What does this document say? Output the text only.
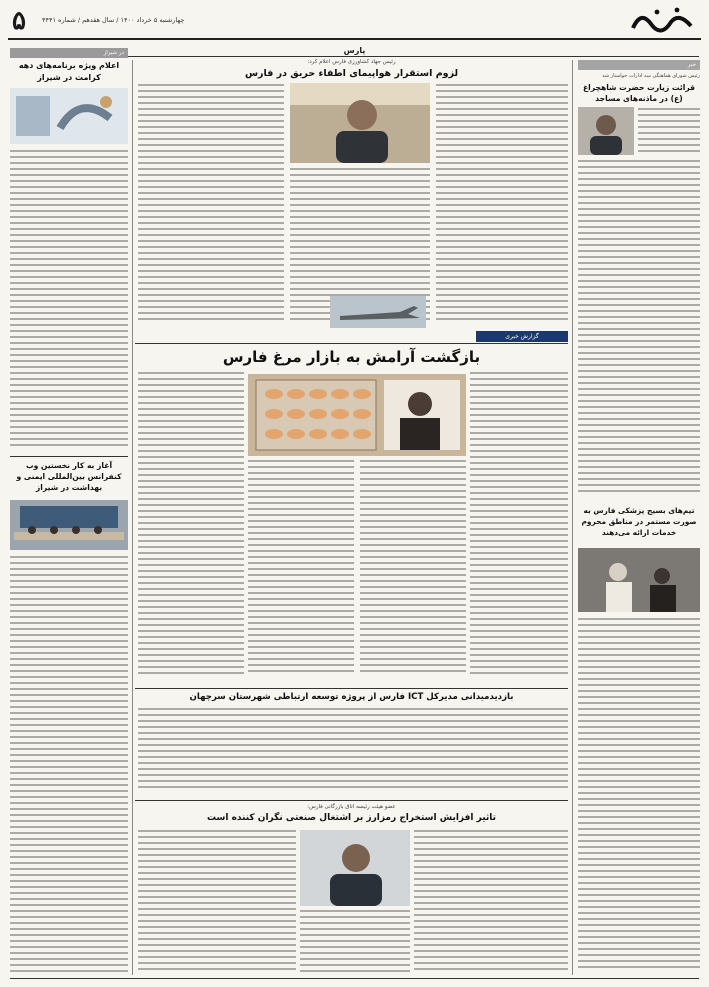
۵ چهارشنبه ۵ خرداد ۱۴۰۰ / سال هفدهم / شماره ۴۴۴۱
پارس
خبر
رئیس شورای هماهنگی سه ادارات خواستار شد
قرائت زیارت حضرت شاهچراغ (ع) در ماذنه‌های مساجد
تیم‌های بسیج پزشکی فارس به صورت مستمر در مناطق محروم خدمات ارائه می‌دهند
رئیس جهاد کشاورزی فارس اعلام کرد:
لزوم استقرار هواپیمای اطفاء حریق در فارس
گزارش خبری
بازگشت آرامش به بازار مرغ فارس
بازدیدمیدانی مدیرکل ICT فارس از پروژه توسعه ارتباطی شهرستان سرچهان
عضو هیئت رئیسه اتاق بازرگانی فارس:
تاثیر افزایش استخراج رمزارز بر اشتغال صنعتی نگران کننده است
در شیراز
اعلام ویژه برنامه‌های دهه کرامت در شیراز
آغاز به کار نخستین وب کنفرانس بین‌المللی ایمنی و بهداشت در شیراز
